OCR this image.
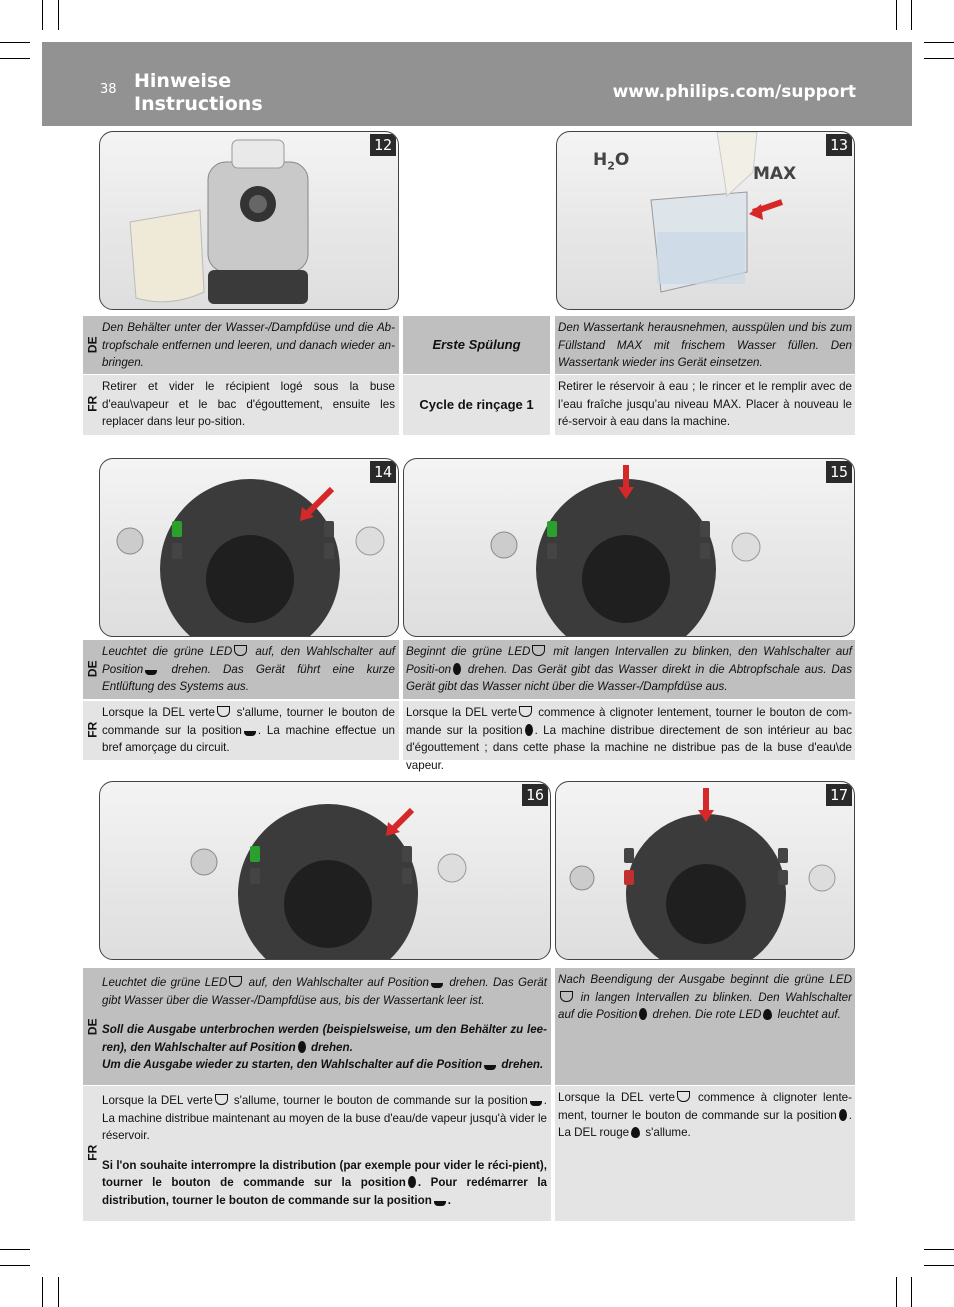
38 Hinweise
Instructions
www.philips.com/support
12
$H_2O$
MAX
13
DE
Den Behälter unter der Wasser-/Dampfdüse und die Ab-tropfschale entfernen und leeren, und danach wieder an-bringen.
Erste Spülung
Den Wassertank herausnehmen, ausspülen und bis zum Füllstand MAX mit frischem Wasser füllen. Den Wassertank wieder ins Gerät einsetzen.
FR
Retirer et vider le récipient logé sous la buse d'eau\vapeur et le bac d'égouttement, ensuite les replacer dans leur po-sition.
Cycle de rinçage 1
Retirer le réservoir à eau ; le rincer et le remplir avec de l’eau fraîche jusqu’au niveau MAX. Placer à nouveau le ré-servoir à eau dans la machine.
14	15
DE
Leuchtet die grüne LED auf, den Wahlschalter auf Position drehen. Das Gerät führt eine kurze Entlüftung des Systems aus.
Beginnt die grüne LED mit langen Intervallen zu blinken, den Wahlschalter auf Positi-on drehen. Das Gerät gibt das Wasser direkt in die Abtropfschale aus. Das Gerät gibt das Wasser nicht über die Wasser-/Dampfdüse aus.
FR
Lorsque la DEL verte s'allume, tourner le bouton de commande sur la position . La machine effectue un bref amorçage du circuit.
Lorsque la DEL verte commence à clignoter lentement, tourner le bouton de com-mande sur la position . La machine distribue directement de son intérieur au bac d'égouttement ; dans cette phase la machine ne distribue pas de la buse d'eau\de vapeur.
16	17
DE
Leuchtet die grüne LED auf, den Wahlschalter auf Position drehen. Das Gerät gibt Wasser über die Wasser-/Dampfdüse aus, bis der Wassertank leer ist.
Soll die Ausgabe unterbrochen werden (beispielsweise, um den Behälter zu lee-ren), den Wahlschalter auf Position drehen.
Um die Ausgabe wieder zu starten, den Wahlschalter auf die Position drehen.
Nach Beendigung der Ausgabe beginnt die grüne LED in langen Intervallen zu blinken. Den Wahlschalter auf die Position drehen. Die rote LED leuchtet auf.
FR
Lorsque la DEL verte s'allume, tourner le bouton de commande sur la position . La machine distribue maintenant au moyen de la buse d'eau/de vapeur jusqu'à vider le réservoir.
Si l'on souhaite interrompre la distribution (par exemple pour vider le réci-pient), tourner le bouton de commande sur la position . Pour redémarrer la distribution, tourner le bouton de commande sur la position .
Lorsque la DEL verte commence à clignoter lente-ment, tourner le bouton de commande sur la position . La DEL rouge s'allume.
